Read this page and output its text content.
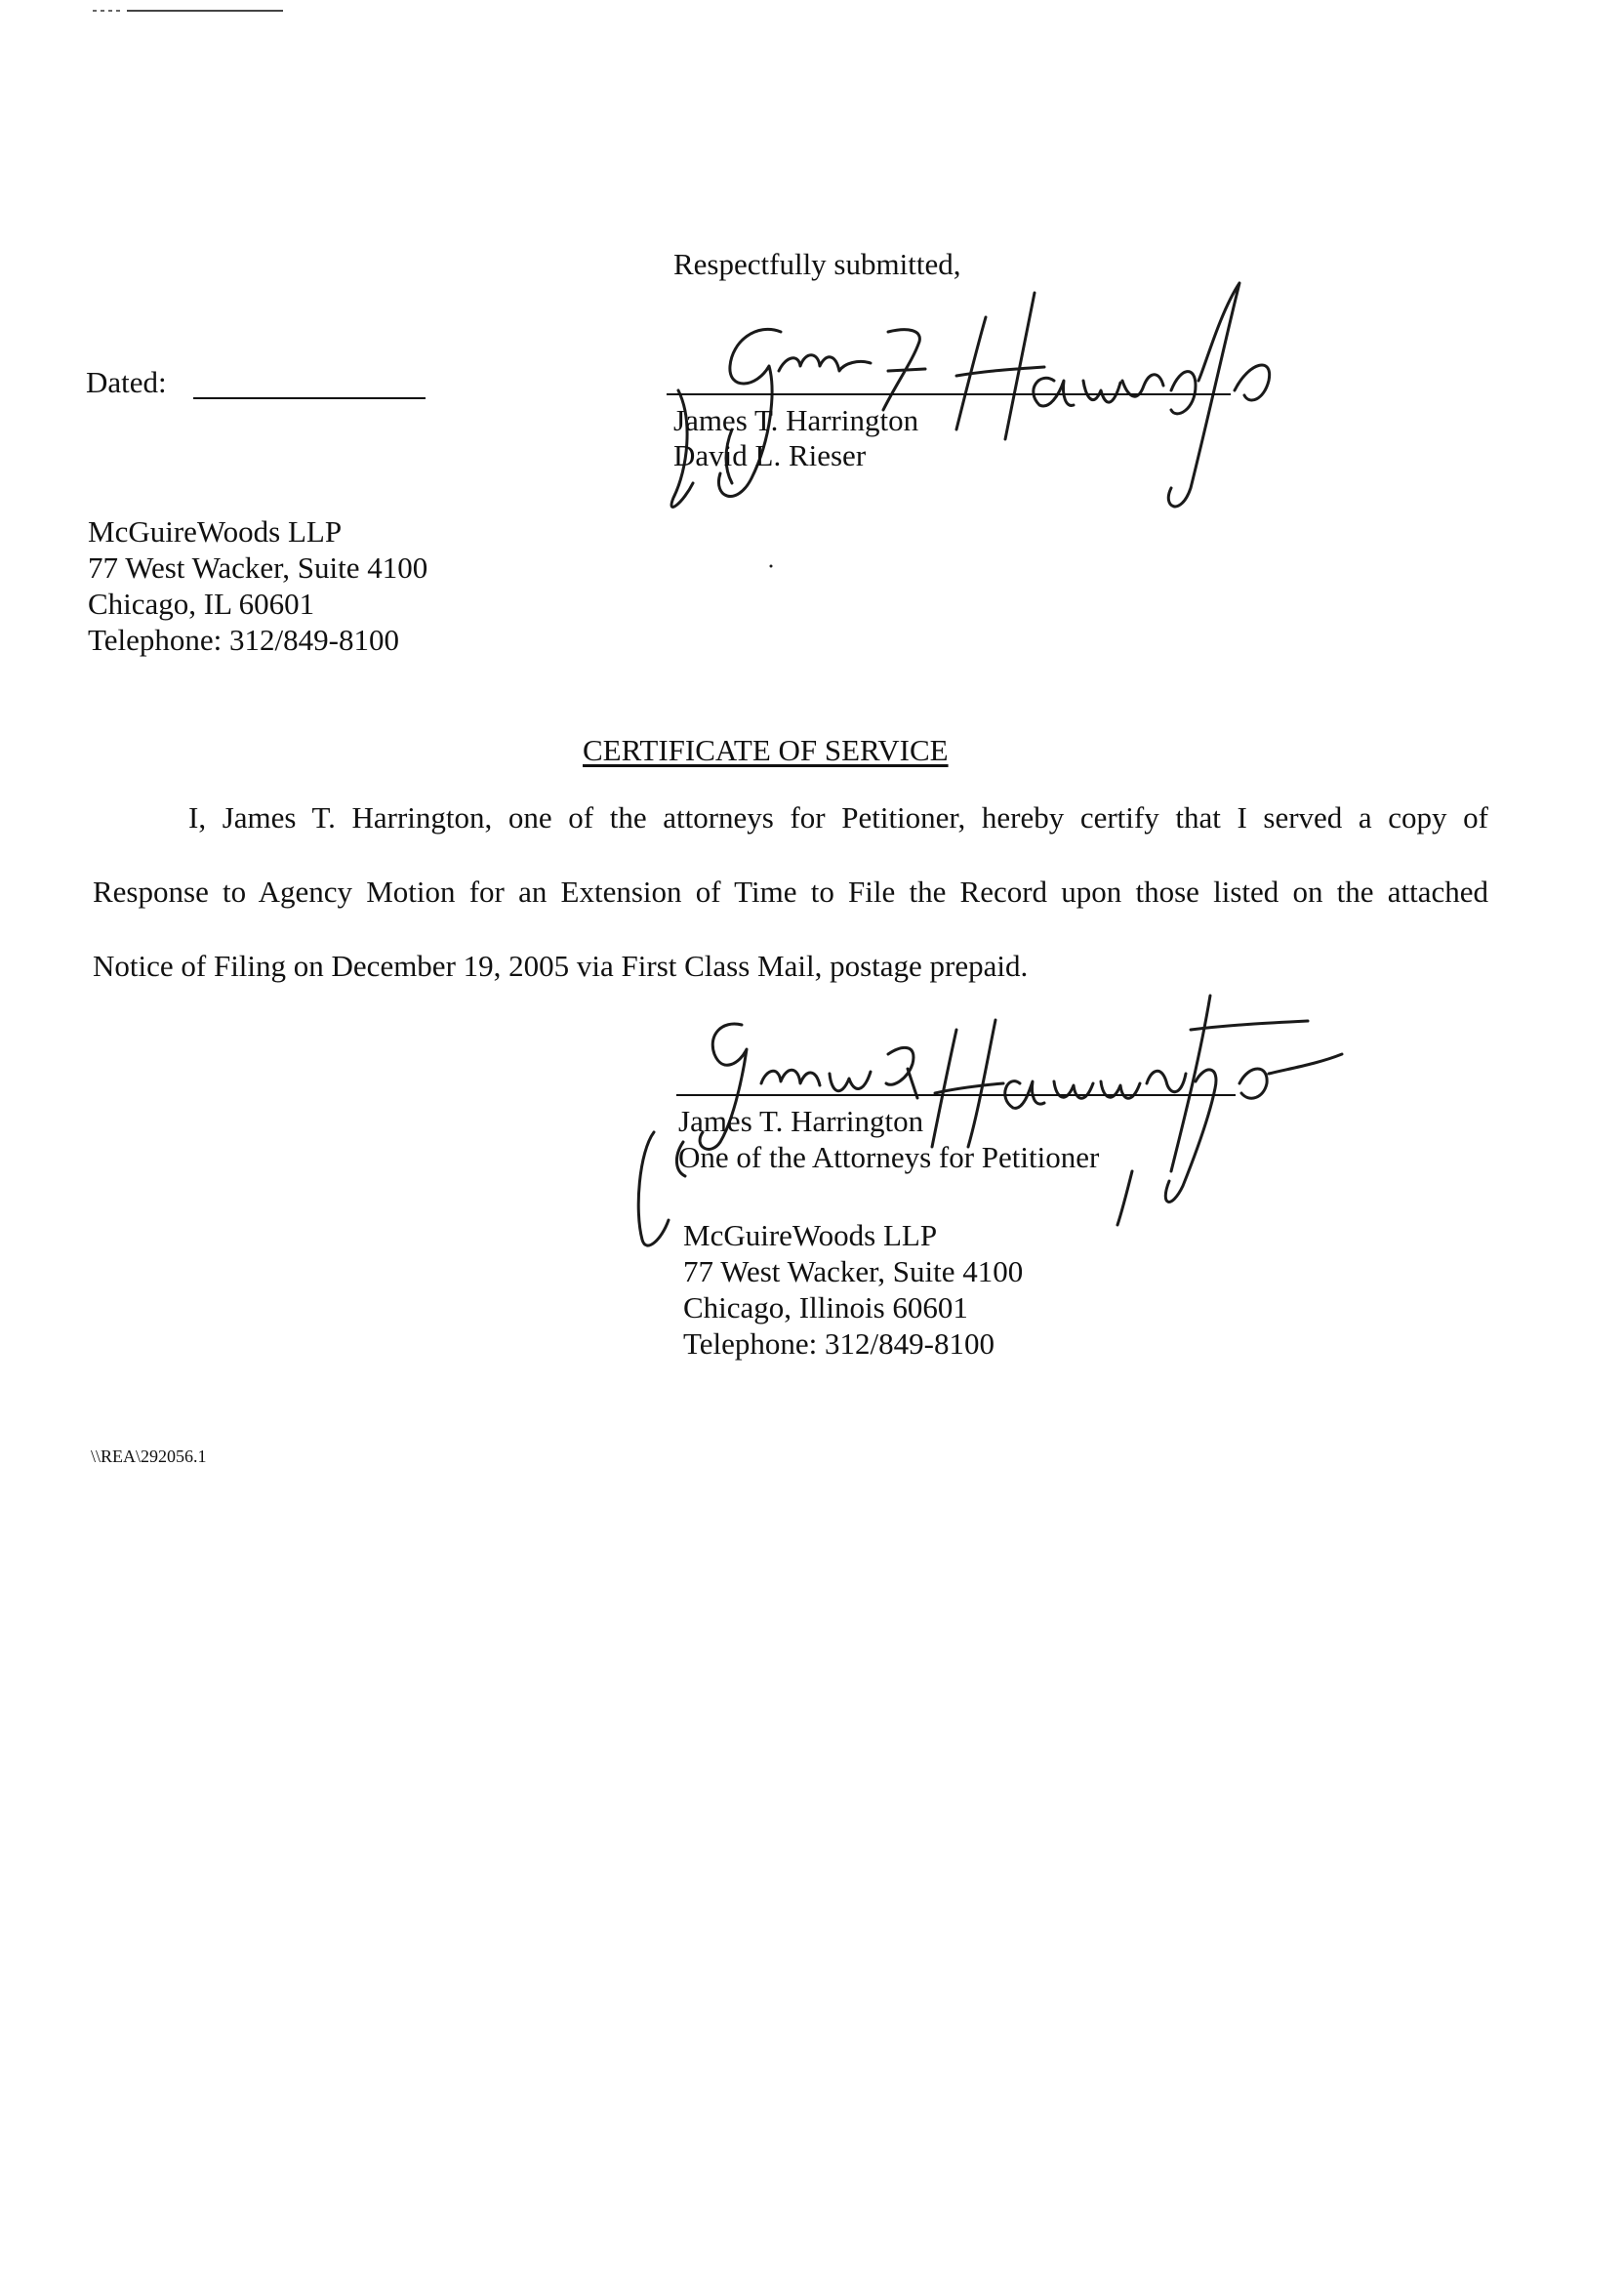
Respectfully submitted,
James T. Harrington
David L. Rieser
Dated:
McGuireWoods LLP
77 West Wacker, Suite 4100
Chicago, IL 60601
Telephone: 312/849-8100
CERTIFICATE OF SERVICE
I, James T. Harrington, one of the attorneys for Petitioner, hereby certify that I served a copy of
Response to Agency Motion for an Extension of Time to File the Record upon those listed on the attached
Notice of Filing on December 19, 2005 via First Class Mail, postage prepaid.
James T. Harrington
One of the Attorneys for Petitioner
McGuireWoods LLP
77 West Wacker, Suite 4100
Chicago, Illinois 60601
Telephone: 312/849-8100
\\REA\292056.1
